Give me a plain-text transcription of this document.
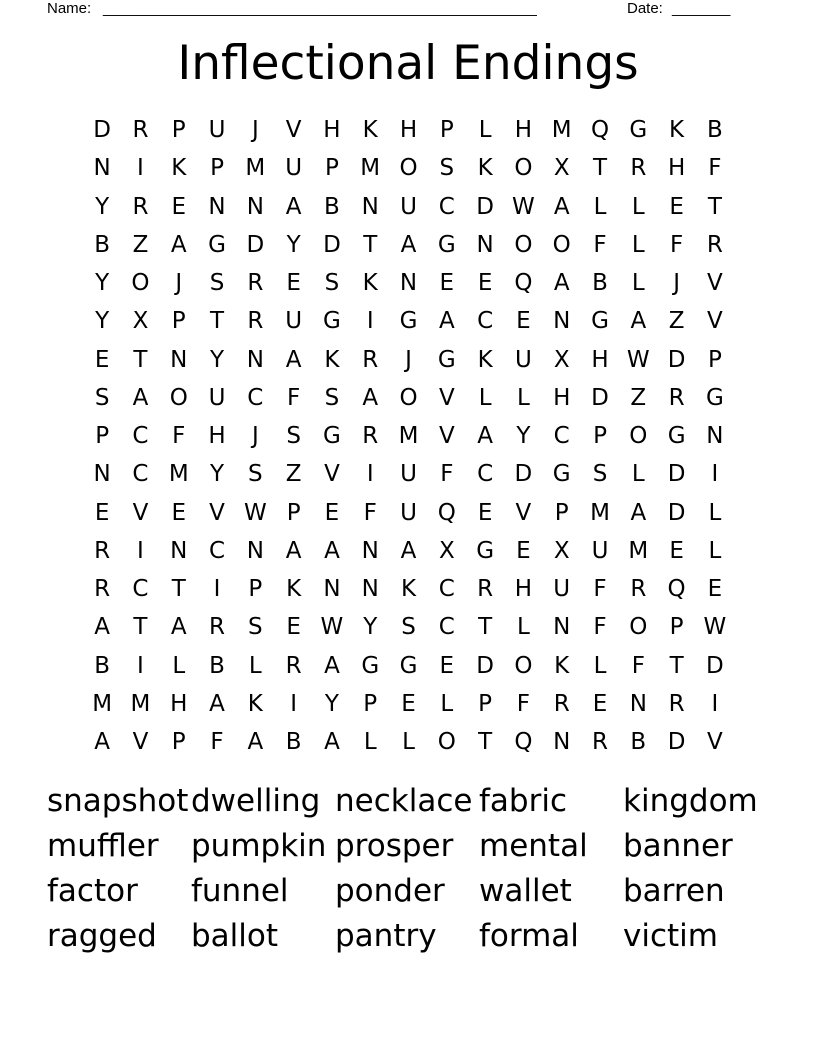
Name: ____________________________________________________	Date: _______
Inflectional Endings
D R	P U	J	V H K H P	L	H M Q G K B
N	I	K	P M U P M O S	K O X	T	R H	F
Y	R	E N N A B N U C D W A	L	L	E	T
B Z A G D Y D T	A G N O O F	L	F	R
Y O	J	S	R	E	S	K N E	E Q A B	L	J	V
Y	X	P	T	R U G	I	G A C	E N G A Z V
E	T N Y N A K R	J	G K U X H W D P
S	A O U C	F	S	A O V	L	L	H D Z R G
P	C	F	H	J	S G R M V A	Y	C	P O G N
N C M Y	S	Z V	I	U	F	C D G S	L	D	I
E	V	E	V W P	E	F	U Q E	V	P M A D	L
R	I	N C N A A N A X G E	X U M E	L
R C	T	I	P	K N N K C R H U	F	R Q E
A	T	A R	S	E W Y	S C	T	L	N	F O P W
B	I	L	B	L	R A G G E D O K	L	F	T D
M M H A K	I	Y	P	E	L	P	F	R	E N R	I
A V	P	F	A B A	L	L O T Q N R B D V
snapshot dwelling necklace fabric	kingdom
muffler	pumpkin prosper mental	banner
factor	funnel	ponder	wallet	barren
ragged	ballot	pantry	formal	victim
